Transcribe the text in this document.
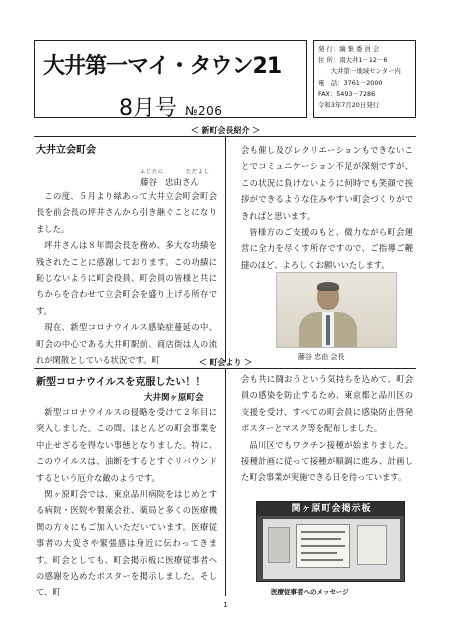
大井第一マイ・タウン21
8月号 №206
発 行：編 集 委 員 会
住 所：南大井1－12－6
　　大井第一地域センター内
電　話：3761－2000
FAX：5493－7286
令和3年7月20日発行
＜ 新町会長紹介 ＞
大井立会町会
ふじたに	ただよし
藤谷 忠由さん

この度、５月より緑あって大井立会町会町会長を前会長の坪井さんから引き継ぐことになりました。

坪井さんは８年間会長を務め、多大な功績を残されたことに感謝しております。この功績に恥じないように町会役員、町会員の皆様と共にちからを合わせて立会町会を盛り上げる所存です。

現在、新型コロナウイルス感染症蔓延の中、町会の中心である大井町駅前、商店街は人の流れが閑散としている状況です。町

会も催し及びレクリエーションもできないことでコミュニケーション不足が深刻ですが、この状況に負けないように何時でも笑顔で挨拶ができるような住みやすい町会づくりができればと思います。

皆様方のご支援のもと、微力ながら町会運営に全力を尽くす所存ですので、ご指導ご鞭撻のほど、よろしくお願いいたします。

藤谷 忠由 会長
＜ 町会より ＞
新型コロナウイルスを克服したい！！
大井関ヶ原町会

新型コロナウイルスの侵略を受けて２年目に突入しました。この間、ほとんどの町会事業を中止せざるを得ない事態となりました。特に、このウイルスは、油断をするとすぐリバウンドするという厄介な敵のようです。

関ヶ原町会では、東京品川病院をはじめとする病院・医院や製薬会社、薬局と多くの医療機関の方々にもご加入いただいています。医療従事者の大変さや緊張感は身近に伝わってきます。町会としても、町会掲示板に医療従事者への感謝を込めたポスターを掲示しました。そして、町

会も共に闘おうという気持ちを込めて、町会員の感染を防止するため、東京都と品川区の支援を受け、すべての町会員に感染防止啓発ポスターとマスク等を配布しました。

品川区でもワクチン接種が始まりました。接種計画に従って接種が順調に進み、計画した町会事業が実施できる日を待っています。

関ヶ原町会掲示板
医療従事者へのメッセージ
1
